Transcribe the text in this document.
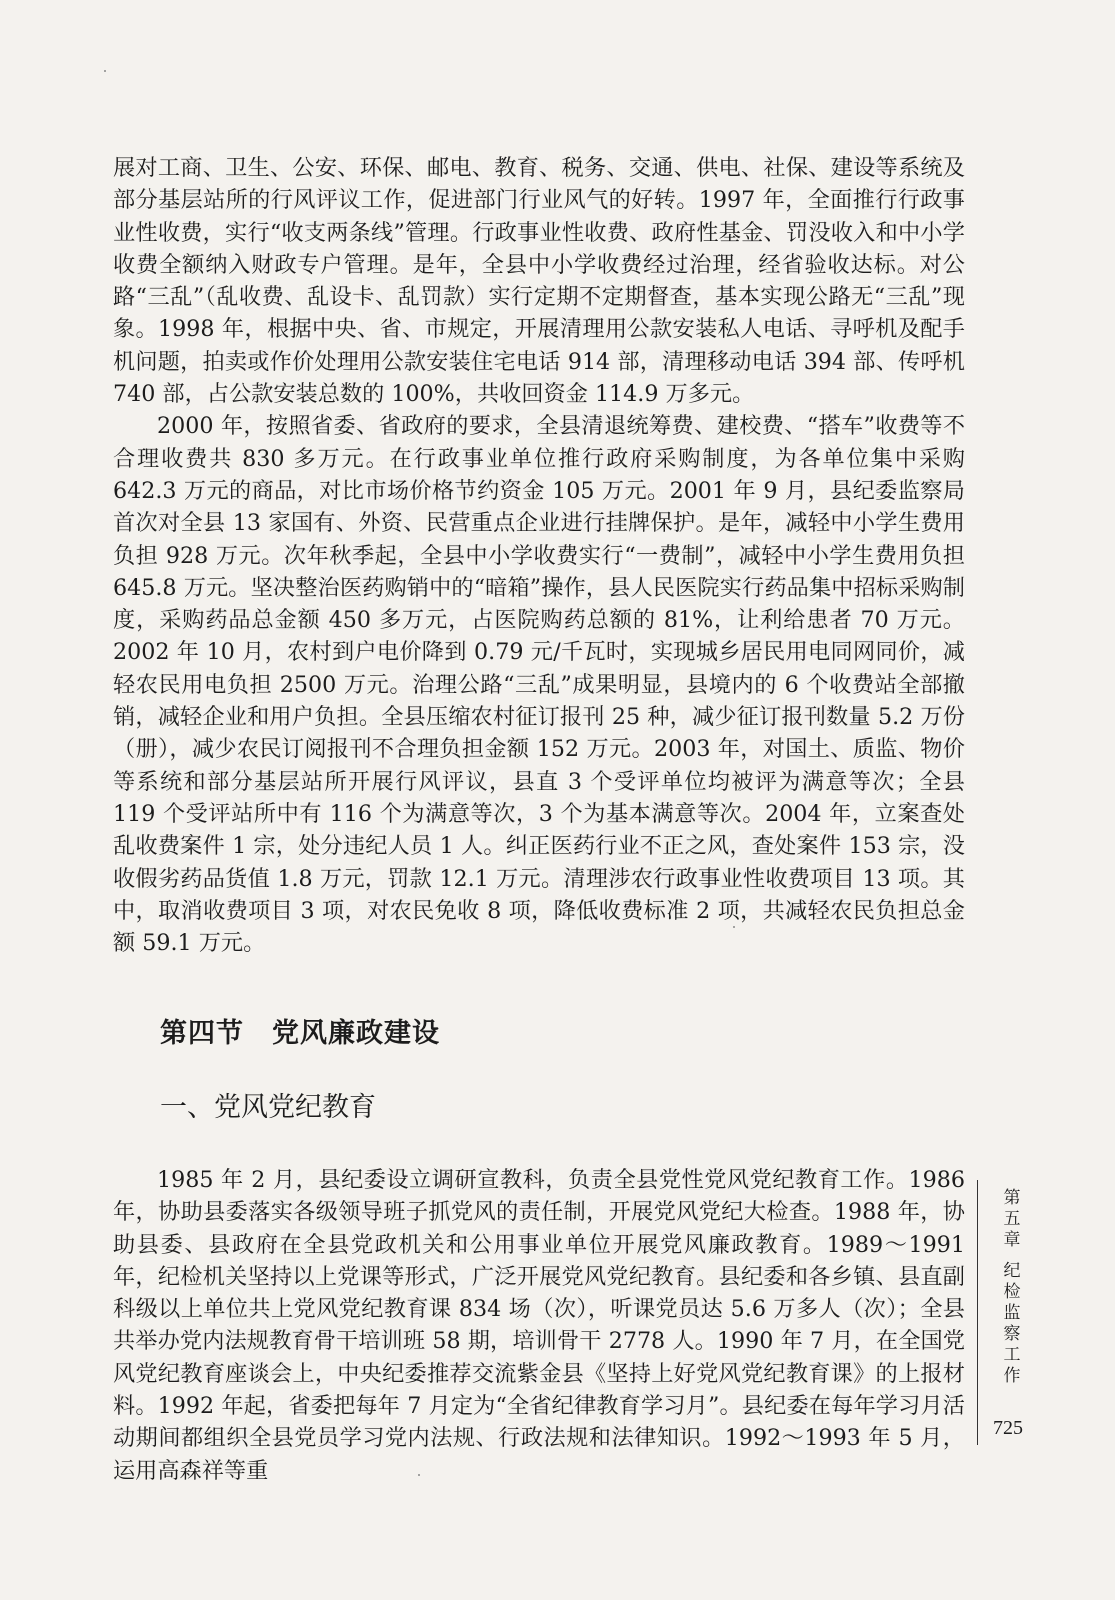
展对工商、卫生、公安、环保、邮电、教育、税务、交通、供电、社保、建设等系统及部分基层站所的行风评议工作，促进部门行业风气的好转。1997 年，全面推行行政事业性收费，实行“收支两条线”管理。行政事业性收费、政府性基金、罚没收入和中小学收费全额纳入财政专户管理。是年，全县中小学收费经过治理，经省验收达标。对公路“三乱”（乱收费、乱设卡、乱罚款）实行定期不定期督查，基本实现公路无“三乱”现象。1998 年，根据中央、省、市规定，开展清理用公款安装私人电话、寻呼机及配手机问题，拍卖或作价处理用公款安装住宅电话 914 部，清理移动电话 394 部、传呼机 740 部，占公款安装总数的 100%，共收回资金 114.9 万多元。

2000 年，按照省委、省政府的要求，全县清退统筹费、建校费、“搭车”收费等不合理收费共 830 多万元。在行政事业单位推行政府采购制度，为各单位集中采购 642.3 万元的商品，对比市场价格节约资金 105 万元。2001 年 9 月，县纪委监察局首次对全县 13 家国有、外资、民营重点企业进行挂牌保护。是年，减轻中小学生费用负担 928 万元。次年秋季起，全县中小学收费实行“一费制”，减轻中小学生费用负担 645.8 万元。坚决整治医药购销中的“暗箱”操作，县人民医院实行药品集中招标采购制度，采购药品总金额 450 多万元，占医院购药总额的 81%，让利给患者 70 万元。2002 年 10 月，农村到户电价降到 0.79 元/千瓦时，实现城乡居民用电同网同价，减轻农民用电负担 2500 万元。治理公路“三乱”成果明显，县境内的 6 个收费站全部撤销，减轻企业和用户负担。全县压缩农村征订报刊 25 种，减少征订报刊数量 5.2 万份（册），减少农民订阅报刊不合理负担金额 152 万元。2003 年，对国土、质监、物价等系统和部分基层站所开展行风评议，县直 3 个受评单位均被评为满意等次；全县 119 个受评站所中有 116 个为满意等次，3 个为基本满意等次。2004 年，立案查处乱收费案件 1 宗，处分违纪人员 1 人。纠正医药行业不正之风，查处案件 153 宗，没收假劣药品货值 1.8 万元，罚款 12.1 万元。清理涉农行政事业性收费项目 13 项。其中，取消收费项目 3 项，对农民免收 8 项，降低收费标准 2 项，共减轻农民负担总金额 59.1 万元。

第四节　党风廉政建设
一、党风党纪教育

1985 年 2 月，县纪委设立调研宣教科，负责全县党性党风党纪教育工作。1986 年，协助县委落实各级领导班子抓党风的责任制，开展党风党纪大检查。1988 年，协助县委、县政府在全县党政机关和公用事业单位开展党风廉政教育。1989～1991 年，纪检机关坚持以上党课等形式，广泛开展党风党纪教育。县纪委和各乡镇、县直副科级以上单位共上党风党纪教育课 834 场（次），听课党员达 5.6 万多人（次）；全县共举办党内法规教育骨干培训班 58 期，培训骨干 2778 人。1990 年 7 月，在全国党风党纪教育座谈会上，中央纪委推荐交流紫金县《坚持上好党风党纪教育课》的上报材料。1992 年起，省委把每年 7 月定为“全省纪律教育学习月”。县纪委在每年学习月活动期间都组织全县党员学习党内法规、行政法规和法律知识。1992～1993 年 5 月，运用高森祥等重

第
五
章
纪
检
监
察
工
作
725
